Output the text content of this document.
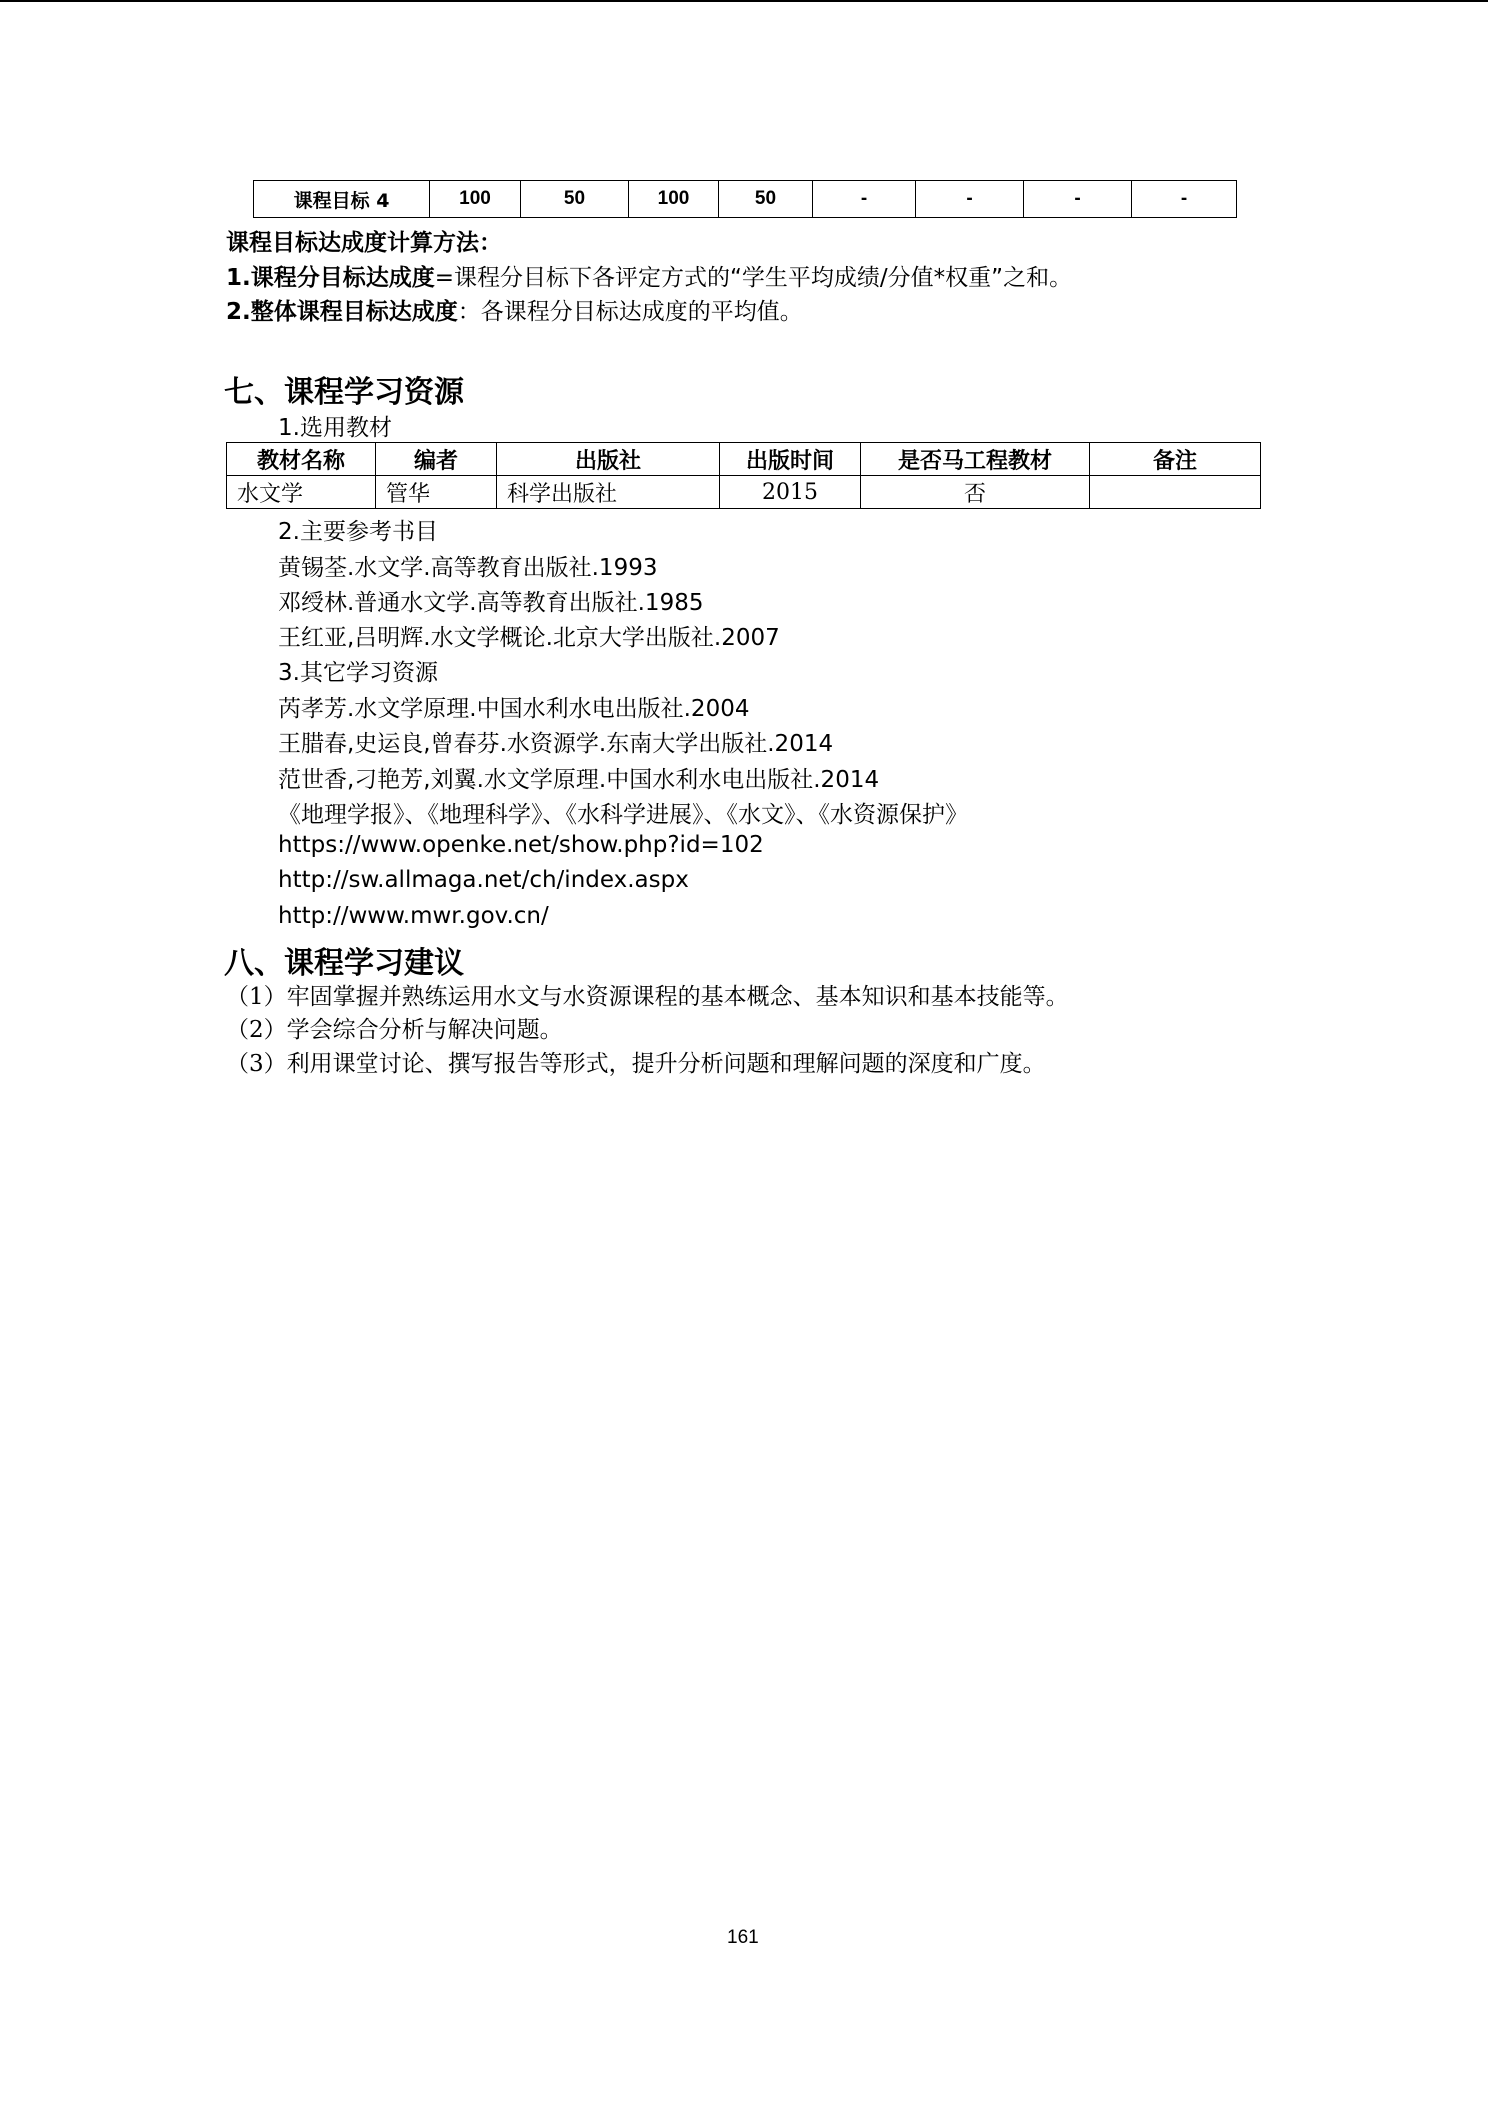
课程目标 4	100	50	100	50	-	-	-	-
课程目标达成度计算方法：
1.课程分目标达成度=课程分目标下各评定方式的“学生平均成绩/分值*权重”之和。
2.整体课程目标达成度：各课程分目标达成度的平均值。
七、课程学习资源
1.选用教材
教材名称	编者	出版社	出版时间	是否马工程教材	备注
水文学	管华	科学出版社	2015	否	
2.主要参考书目
黄锡荃.水文学.高等教育出版社.1993
邓绶林.普通水文学.高等教育出版社.1985
王红亚,吕明辉.水文学概论.北京大学出版社.2007
3.其它学习资源
芮孝芳.水文学原理.中国水利水电出版社.2004
王腊春,史运良,曾春芬.水资源学.东南大学出版社.2014
范世香,刁艳芳,刘翼.水文学原理.中国水利水电出版社.2014
《地理学报》、《地理科学》、《水科学进展》、《水文》、《水资源保护》
https://www.openke.net/show.php?id=102
http://sw.allmaga.net/ch/index.aspx
http://www.mwr.gov.cn/
八、课程学习建议
（1）牢固掌握并熟练运用水文与水资源课程的基本概念、基本知识和基本技能等。
（2）学会综合分析与解决问题。
（3）利用课堂讨论、撰写报告等形式，提升分析问题和理解问题的深度和广度。
161
